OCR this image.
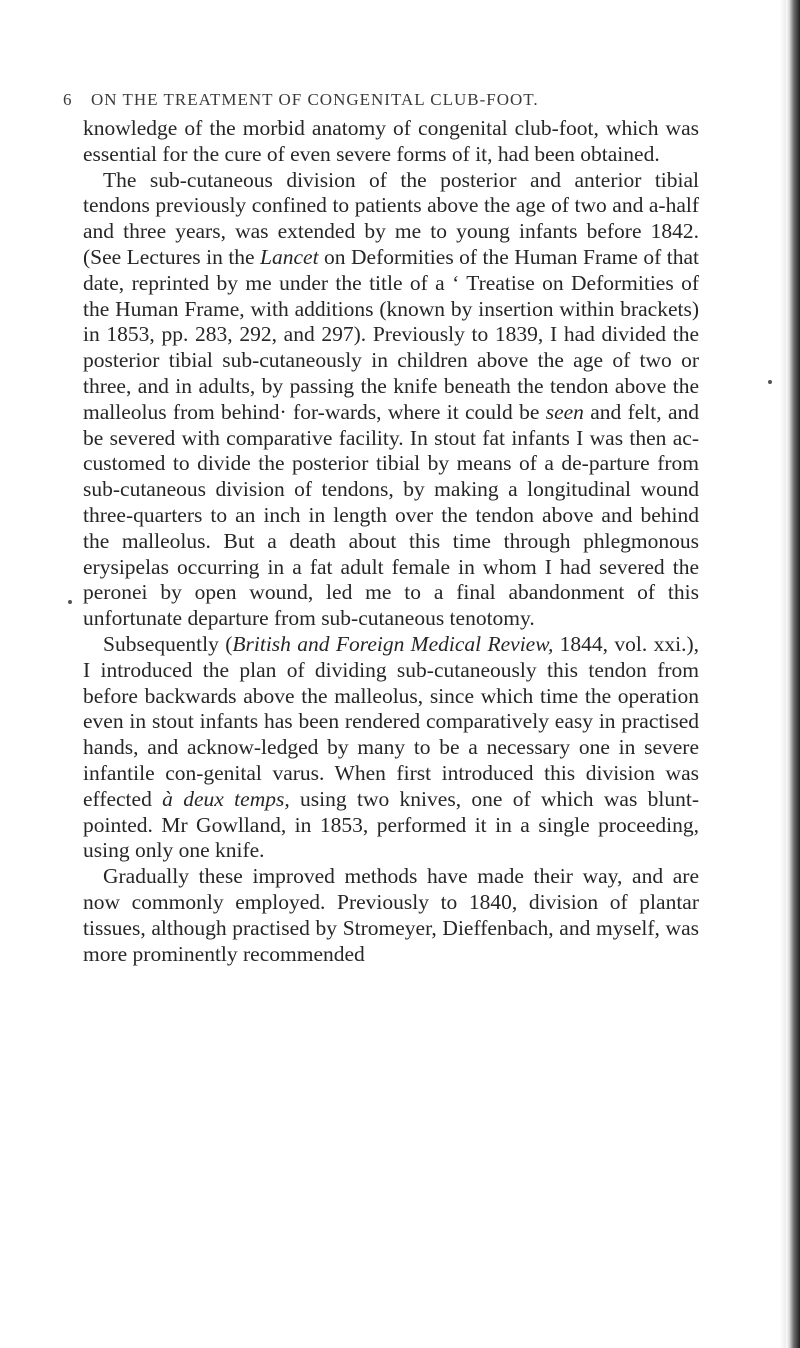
6 ON THE TREATMENT OF CONGENITAL CLUB-FOOT.

knowledge of the morbid anatomy of congenital club-foot, which was essential for the cure of even severe forms of it, had been obtained.

The sub-cutaneous division of the posterior and anterior tibial tendons previously confined to patients above the age of two and a-half and three years, was extended by me to young infants before 1842. (See Lectures in the Lancet on Deformities of the Human Frame of that date, reprinted by me under the title of a ‘ Treatise on Deformities of the Human Frame, with additions (known by insertion within brackets) in 1853, pp. 283, 292, and 297). Previously to 1839, I had divided the posterior tibial sub-cutaneously in children above the age of two or three, and in adults, by passing the knife beneath the tendon above the malleolus from behind· for-wards, where it could be seen and felt, and be severed with comparative facility. In stout fat infants I was then ac-customed to divide the posterior tibial by means of a de-parture from sub-cutaneous division of tendons, by making a longitudinal wound three-quarters to an inch in length over the tendon above and behind the malleolus. But a death about this time through phlegmonous erysipelas occurring in a fat adult female in whom I had severed the peronei by open wound, led me to a final abandonment of this unfortunate departure from sub-cutaneous tenotomy.

Subsequently (British and Foreign Medical Review, 1844, vol. xxi.), I introduced the plan of dividing sub-cutaneously this tendon from before backwards above the malleolus, since which time the operation even in stout infants has been rendered comparatively easy in practised hands, and acknow-ledged by many to be a necessary one in severe infantile con-genital varus. When first introduced this division was effected à deux temps, using two knives, one of which was blunt-pointed. Mr Gowlland, in 1853, performed it in a single proceeding, using only one knife.

Gradually these improved methods have made their way, and are now commonly employed. Previously to 1840, division of plantar tissues, although practised by Stromeyer, Dieffenbach, and myself, was more prominently recommended
